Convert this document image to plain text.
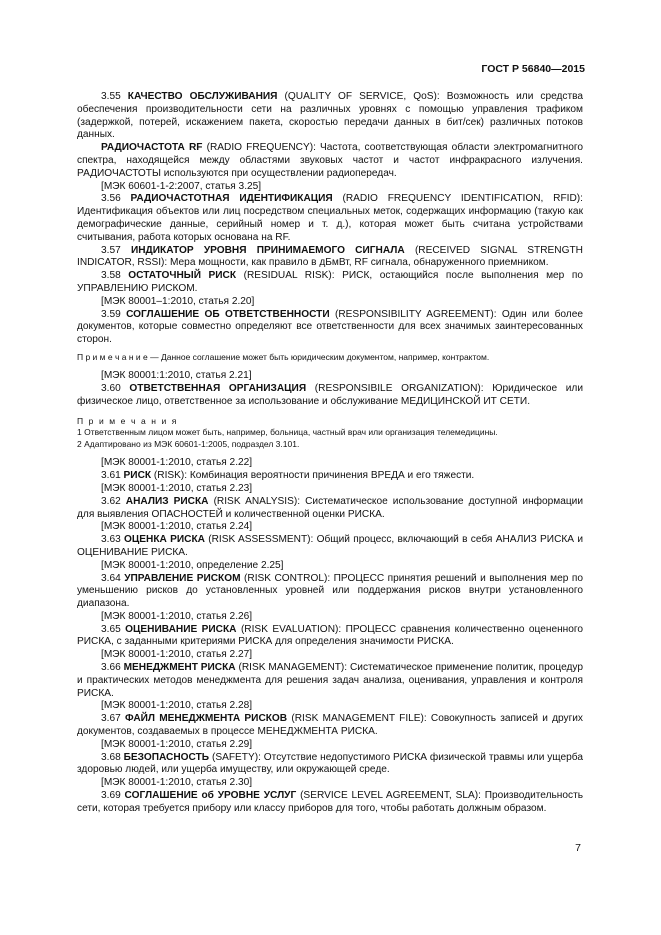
ГОСТ Р 56840—2015

3.55 КАЧЕСТВО ОБСЛУЖИВАНИЯ (QUALITY OF SERVICE, QoS): Возможность или средства обеспечения производительности сети на различных уровнях с помощью управления трафиком (задержкой, потерей, искажением пакета, скоростью передачи данных в бит/сек) различных потоков данных.

РАДИОЧАСТОТА RF (RADIO FREQUENCY): Частота, соответствующая области электромагнитного спектра, находящейся между областями звуковых частот и частот инфракрасного излучения. РАДИОЧАСТОТЫ используются при осуществлении радиопередач.

[МЭК 60601-1-2:2007, статья 3.25]

3.56 РАДИОЧАСТОТНАЯ ИДЕНТИФИКАЦИЯ (RADIO FREQUENCY IDENTIFICATION, RFID): Идентификация объектов или лиц посредством специальных меток, содержащих информацию (такую как демографические данные, серийный номер и т. д.), которая может быть считана устройствами считывания, работа которых основана на RF.

3.57 ИНДИКАТОР УРОВНЯ ПРИНИМАЕМОГО СИГНАЛА (RECEIVED SIGNAL STRENGTH INDICATOR, RSSI): Мера мощности, как правило в дБмВт, RF сигнала, обнаруженного приемником.

3.58 ОСТАТОЧНЫЙ РИСК (RESIDUAL RISK): РИСК, остающийся после выполнения мер по УПРАВЛЕНИЮ РИСКОМ.

[МЭК 80001–1:2010, статья 2.20]

3.59 СОГЛАШЕНИЕ ОБ ОТВЕТСТВЕННОСТИ (RESPONSIBILITY AGREEMENT): Один или более документов, которые совместно определяют все ответственности для всех значимых заинтересованных сторон.

П р и м е ч а н и е — Данное соглашение может быть юридическим документом, например, контрактом.

[МЭК 80001:1:2010, статья 2.21]

3.60 ОТВЕТСТВЕННАЯ ОРГАНИЗАЦИЯ (RESPONSIBILE ORGANIZATION): Юридическое или физическое лицо, ответственное за использование и обслуживание МЕДИЦИНСКОЙ ИТ СЕТИ.

П р и м е ч а н и я

1 Ответственным лицом может быть, например, больница, частный врач или организация телемедицины.

2 Адаптировано из МЭК 60601-1:2005, подраздел 3.101.

[МЭК 80001-1:2010, статья 2.22]

3.61 РИСК (RISK): Комбинация вероятности причинения ВРЕДА и его тяжести.

[МЭК 80001-1:2010, статья 2.23]

3.62 АНАЛИЗ РИСКА (RISK ANALYSIS): Систематическое использование доступной информации для выявления ОПАСНОСТЕЙ и количественной оценки РИСКА.

[МЭК 80001-1:2010, статья 2.24]

3.63 ОЦЕНКА РИСКА (RISK ASSESSMENT): Общий процесс, включающий в себя АНАЛИЗ РИСКА и ОЦЕНИВАНИЕ РИСКА.

[МЭК 80001-1:2010, определение 2.25]

3.64 УПРАВЛЕНИЕ РИСКОМ (RISK CONTROL): ПРОЦЕСС принятия решений и выполнения мер по уменьшению рисков до установленных уровней или поддержания рисков внутри установленного диапазона.

[МЭК 80001-1:2010, статья 2.26]

3.65 ОЦЕНИВАНИЕ РИСКА (RISK EVALUATION): ПРОЦЕСС сравнения количественно оцененного РИСКА, с заданными критериями РИСКА для определения значимости РИСКА.

[МЭК 80001-1:2010, статья 2.27]

3.66 МЕНЕДЖМЕНТ РИСКА (RISK MANAGEMENT): Систематическое применение политик, процедур и практических методов менеджмента для решения задач анализа, оценивания, управления и контроля РИСКА.

[МЭК 80001-1:2010, статья 2.28]

3.67 ФАЙЛ МЕНЕДЖМЕНТА РИСКОВ (RISK MANAGEMENT FILE): Совокупность записей и других документов, создаваемых в процессе МЕНЕДЖМЕНТА РИСКА.

[МЭК 80001-1:2010, статья 2.29]

3.68 БЕЗОПАСНОСТЬ (SAFETY): Отсутствие недопустимого РИСКА физической травмы или ущерба здоровью людей, или ущерба имуществу, или окружающей среде.

[МЭК 80001-1:2010, статья 2.30]

3.69 СОГЛАШЕНИЕ об УРОВНЕ УСЛУГ (SERVICE LEVEL AGREEMENT, SLA): Производительность сети, которая требуется прибору или классу приборов для того, чтобы работать должным образом.

7
